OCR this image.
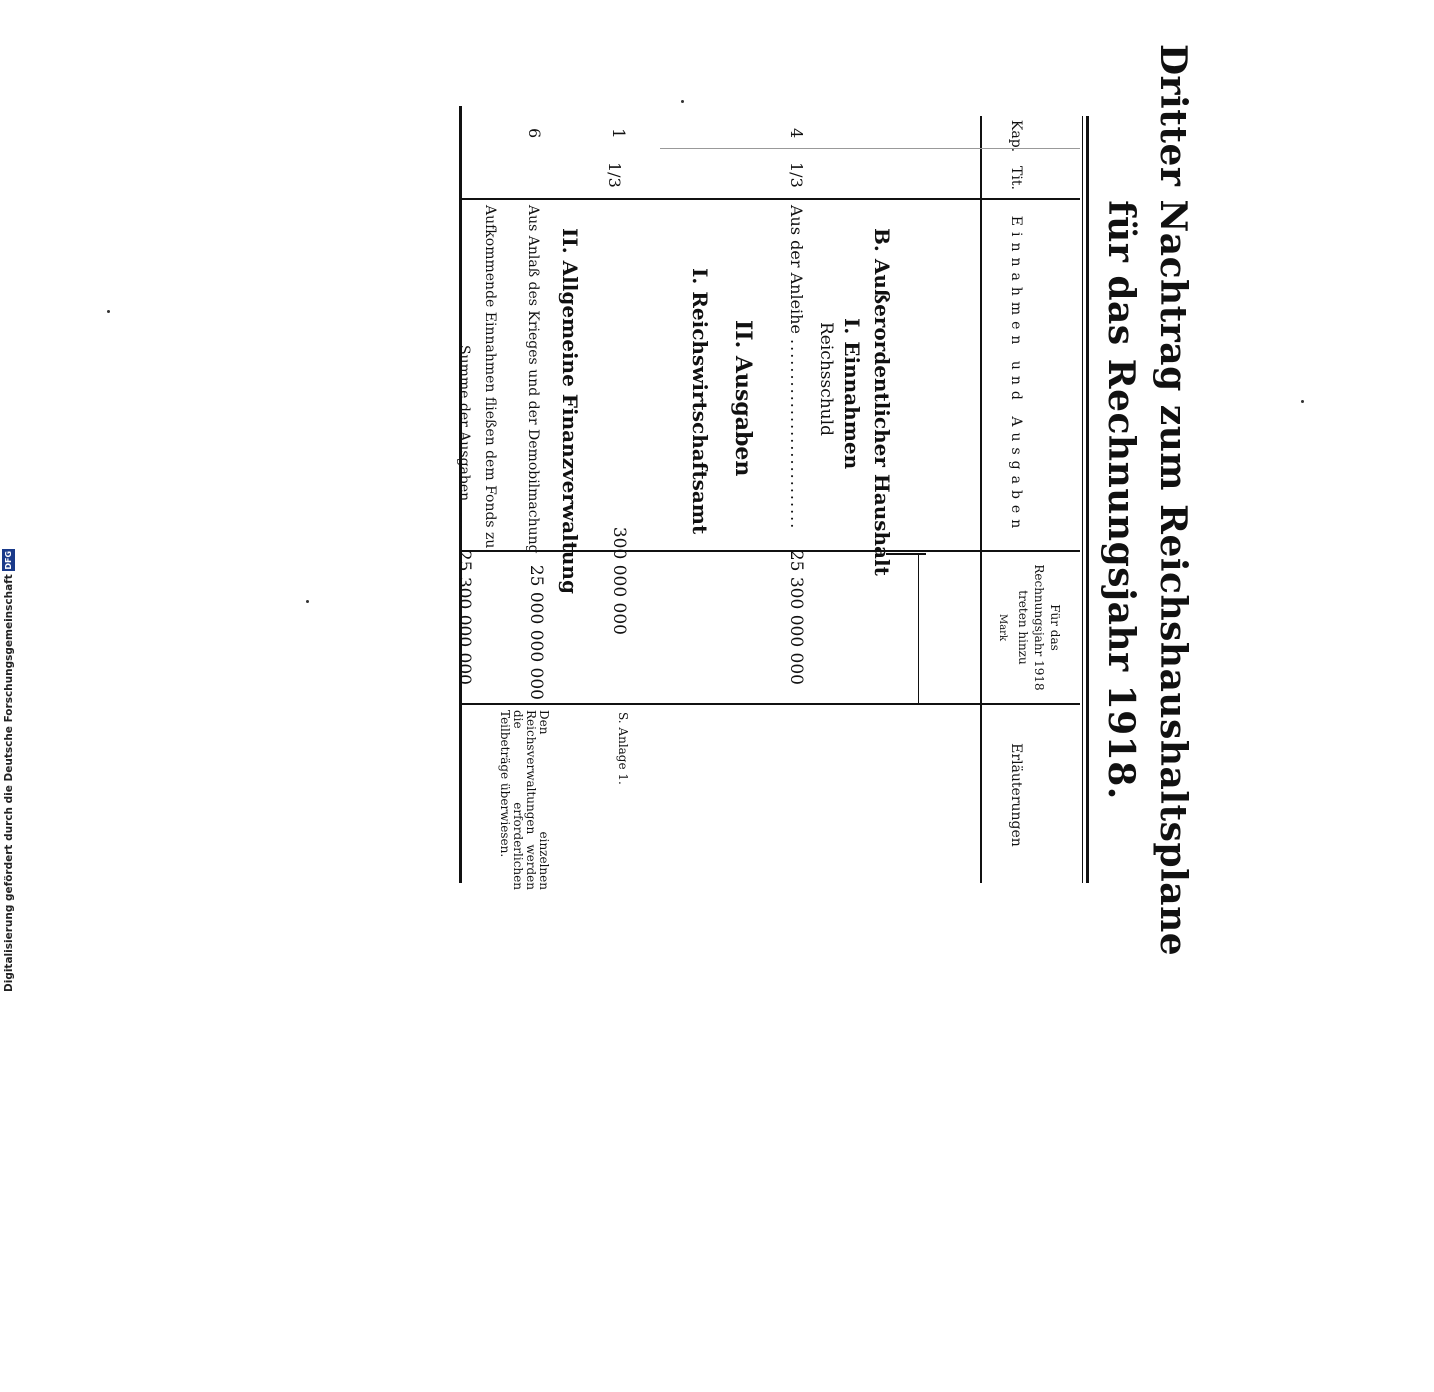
Dritter Nachtrag zum Reichshaushaltsplane
für das Rechnungsjahr 1918.
Kap.
Tit.
Einnahmen und Ausgaben
Für das
Rechnungsjahr 1918
treten hinzu
Mark
Erläuterungen
B. Außerordentlicher Haushalt
I. Einnahmen
Reichsschuld
4
1/3
Aus der Anleihe ...........................
25 300 000 000
II. Ausgaben
I. Reichswirtschaftsamt
1
1/3
300 000 000
S. Anlage 1.
II. Allgemeine Finanzverwaltung
6
Aus Anlaß des Krieges und der Demobilmachung
Aufkommende Einnahmen fließen dem Fonds zu.
25 000 000 000
Den einzelnen Reichsverwaltungen werden die erforderlichen Teilbeträge überwiesen.
Summe der Ausgaben ....
25 300 000 000
Digitalisierung gefördert durch die Deutsche Forschungsgemeinschaft
DFG
